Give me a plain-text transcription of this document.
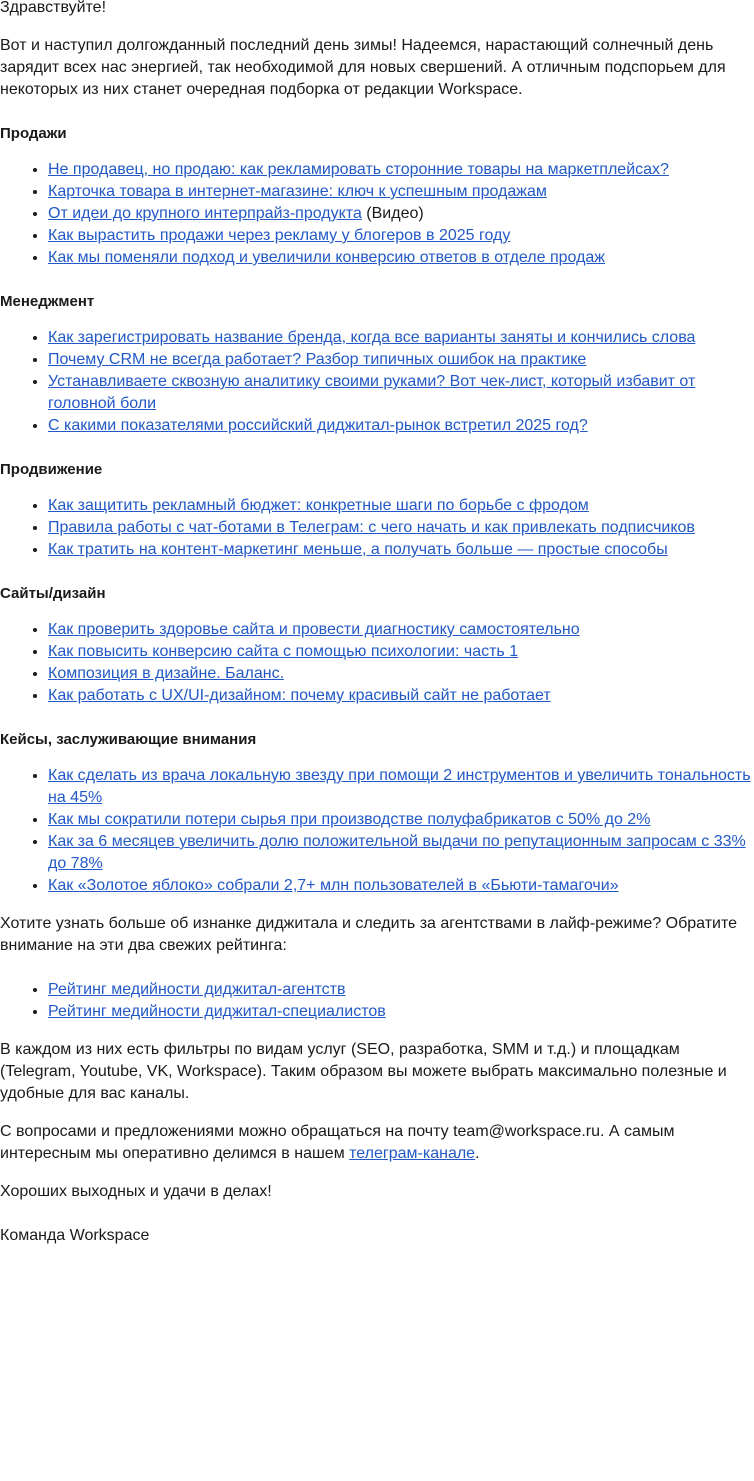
Здравствуйте!

Вот и наступил долгожданный последний день зимы! Надеемся, нарастающий солнечный день зарядит всех нас энергией, так необходимой для новых свершений. А отличным подспорьем для некоторых из них станет очередная подборка от редакции Workspace.

Продажи
• Не продавец, но продаю: как рекламировать сторонние товары на маркетплейсах?
• Карточка товара в интернет-магазине: ключ к успешным продажам
• От идеи до крупного интерпрайз-продукта (Видео)
• Как вырастить продажи через рекламу у блогеров в 2025 году
• Как мы поменяли подход и увеличили конверсию ответов в отделе продаж
Менеджмент
• Как зарегистрировать название бренда, когда все варианты заняты и кончились слова
• Почему CRM не всегда работает? Разбор типичных ошибок на практике
• Устанавливаете сквозную аналитику своими руками? Вот чек-лист, который избавит от головной боли
• С какими показателями российский диджитал-рынок встретил 2025 год?
Продвижение
• Как защитить рекламный бюджет: конкретные шаги по борьбе с фродом
• Правила работы с чат-ботами в Телеграм: с чего начать и как привлекать подписчиков
• Как тратить на контент-маркетинг меньше, а получать больше — простые способы
Сайты/дизайн
• Как проверить здоровье сайта и провести диагностику самостоятельно
• Как повысить конверсию сайта с помощью психологии: часть 1
• Композиция в дизайне. Баланс.
• Как работать с UX/UI-дизайном: почему красивый сайт не работает
Кейсы, заслуживающие внимания
• Как сделать из врача локальную звезду при помощи 2 инструментов и увеличить тональность на 45%
• Как мы сократили потери сырья при производстве полуфабрикатов с 50% до 2%
• Как за 6 месяцев увеличить долю положительной выдачи по репутационным запросам с 33% до 78%
• Как «Золотое яблоко» собрали 2,7+ млн пользователей в «Бьюти-тамагочи»

Хотите узнать больше об изнанке диджитала и следить за агентствами в лайф-режиме? Обратите внимание на эти два свежих рейтинга:

• Рейтинг медийности диджитал-агентств
• Рейтинг медийности диджитал-специалистов

В каждом из них есть фильтры по видам услуг (SEO, разработка, SMM и т.д.) и площадкам (Telegram, Youtube, VK, Workspace). Таким образом вы можете выбрать максимально полезные и удобные для вас каналы.

С вопросами и предложениями можно обращаться на почту team@workspace.ru. А самым интересным мы оперативно делимся в нашем телеграм-канале.

Хороших выходных и удачи в делах!

Команда Workspace
